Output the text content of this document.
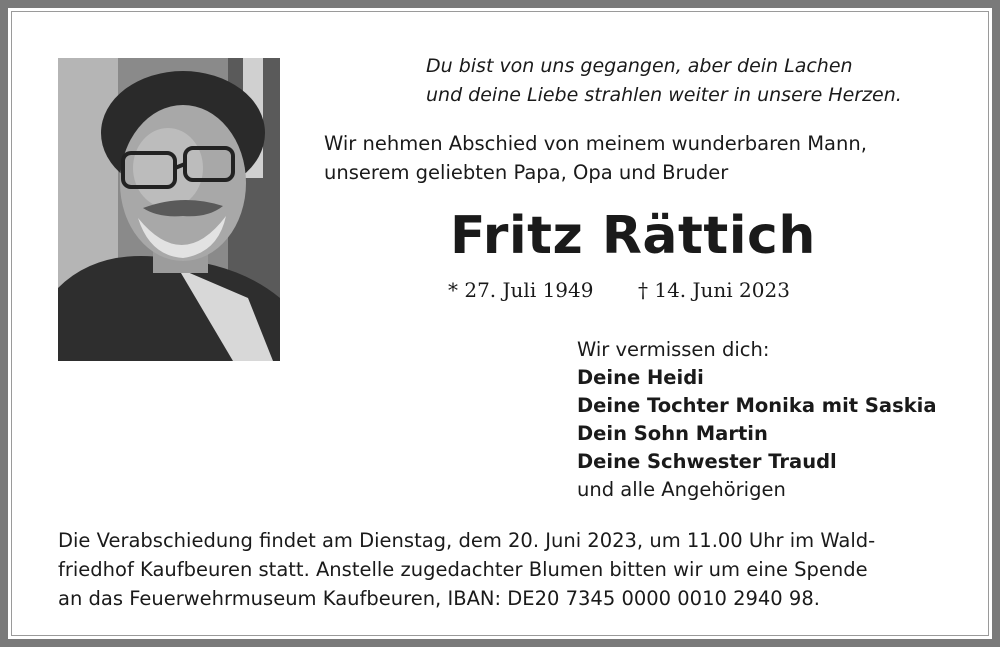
Du bist von uns gegangen, aber dein Lachen
und deine Liebe strahlen weiter in unsere Herzen.
Wir nehmen Abschied von meinem wunderbaren Mann,
unserem geliebten Papa, Opa und Bruder
Fritz Rättich
* 27. Juli 1949 † 14. Juni 2023
Wir vermissen dich:
Deine Heidi
Deine Tochter Monika mit Saskia
Dein Sohn Martin
Deine Schwester Traudl
und alle Angehörigen
Die Verabschiedung findet am Dienstag, dem 20. Juni 2023, um 11.00 Uhr im Wald-
friedhof Kaufbeuren statt. Anstelle zugedachter Blumen bitten wir um eine Spende
an das Feuerwehrmuseum Kaufbeuren, IBAN: DE20 7345 0000 0010 2940 98.
